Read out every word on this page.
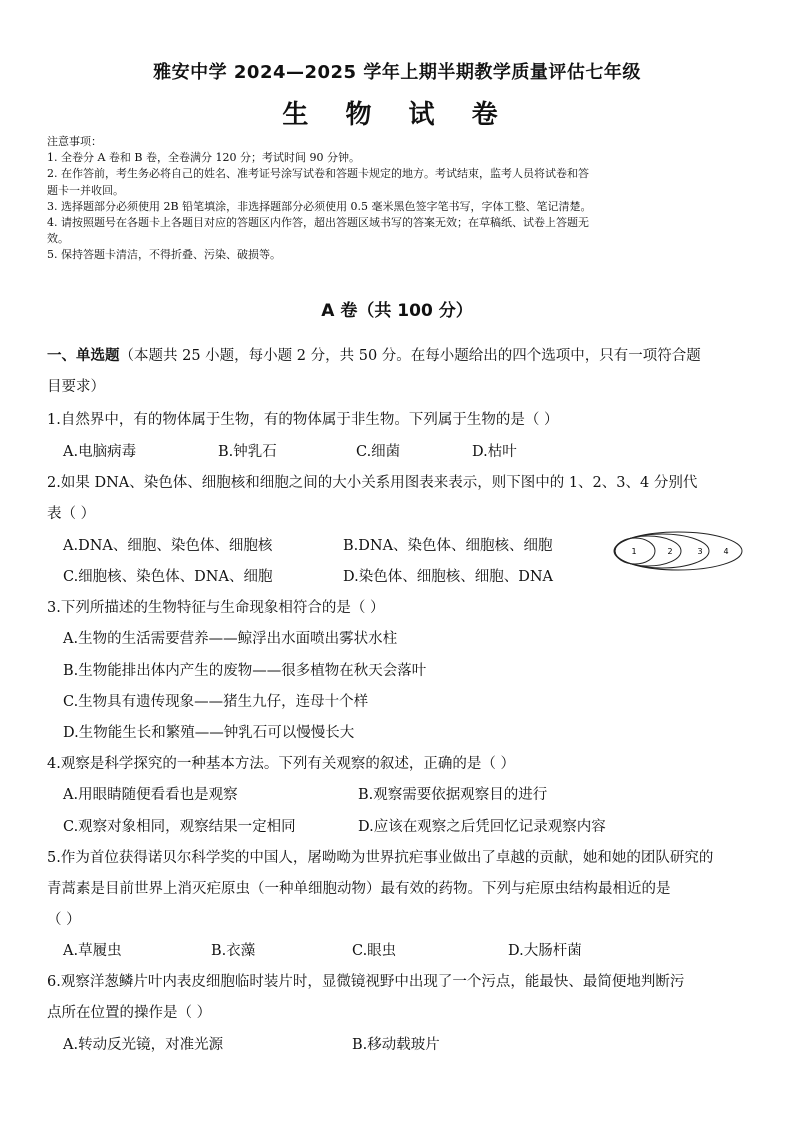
雅安中学 2024—2025 学年上期半期教学质量评估七年级
生 物 试 卷
注意事项：
1. 全卷分 A 卷和 B 卷，全卷满分 120 分；考试时间 90 分钟。
2. 在作答前，考生务必将自己的姓名、准考证号涂写试卷和答题卡规定的地方。考试结束，监考人员将试卷和答
题卡一并收回。
3. 选择题部分必须使用 2B 铅笔填涂，非选择题部分必须使用 0.5 毫米黑色签字笔书写，字体工整、笔记清楚。
4. 请按照题号在各题卡上各题目对应的答题区内作答，超出答题区域书写的答案无效；在草稿纸、试卷上答题无
效。
5. 保持答题卡清洁，不得折叠、污染、破损等。
A 卷（共 100 分）
一、单选题（本题共 25 小题，每小题 2 分，共 50 分。在每小题给出的四个选项中，只有一项符合题
目要求）
1.自然界中，有的物体属于生物，有的物体属于非生物。下列属于生物的是（ ）
A.电脑病毒	B.钟乳石	C.细菌	D.枯叶
2.如果 DNA、染色体、细胞核和细胞之间的大小关系用图表来表示，则下图中的 1、2、3、4 分别代
表（ ）
A.DNA、细胞、染色体、细胞核	B.DNA、染色体、细胞核、细胞
C.细胞核、染色体、DNA、细胞	D.染色体、细胞核、细胞、DNA
1	2	3	4
3.下列所描述的生物特征与生命现象相符合的是（ ）
A.生物的生活需要营养——鲸浮出水面喷出雾状水柱
B.生物能排出体内产生的废物——很多植物在秋天会落叶
C.生物具有遗传现象——猪生九仔，连母十个样
D.生物能生长和繁殖——钟乳石可以慢慢长大
4.观察是科学探究的一种基本方法。下列有关观察的叙述，正确的是（ ）
A.用眼睛随便看看也是观察	B.观察需要依据观察目的进行
C.观察对象相同，观察结果一定相同	D.应该在观察之后凭回忆记录观察内容
5.作为首位获得诺贝尔科学奖的中国人，屠呦呦为世界抗疟事业做出了卓越的贡献，她和她的团队研究的
青蒿素是目前世界上消灭疟原虫（一种单细胞动物）最有效的药物。下列与疟原虫结构最相近的是
（ ）
A.草履虫	B.衣藻	C.眼虫	D.大肠杆菌
6.观察洋葱鳞片叶内表皮细胞临时装片时，显微镜视野中出现了一个污点，能最快、最简便地判断污
点所在位置的操作是（ ）
A.转动反光镜，对准光源	B.移动载玻片
